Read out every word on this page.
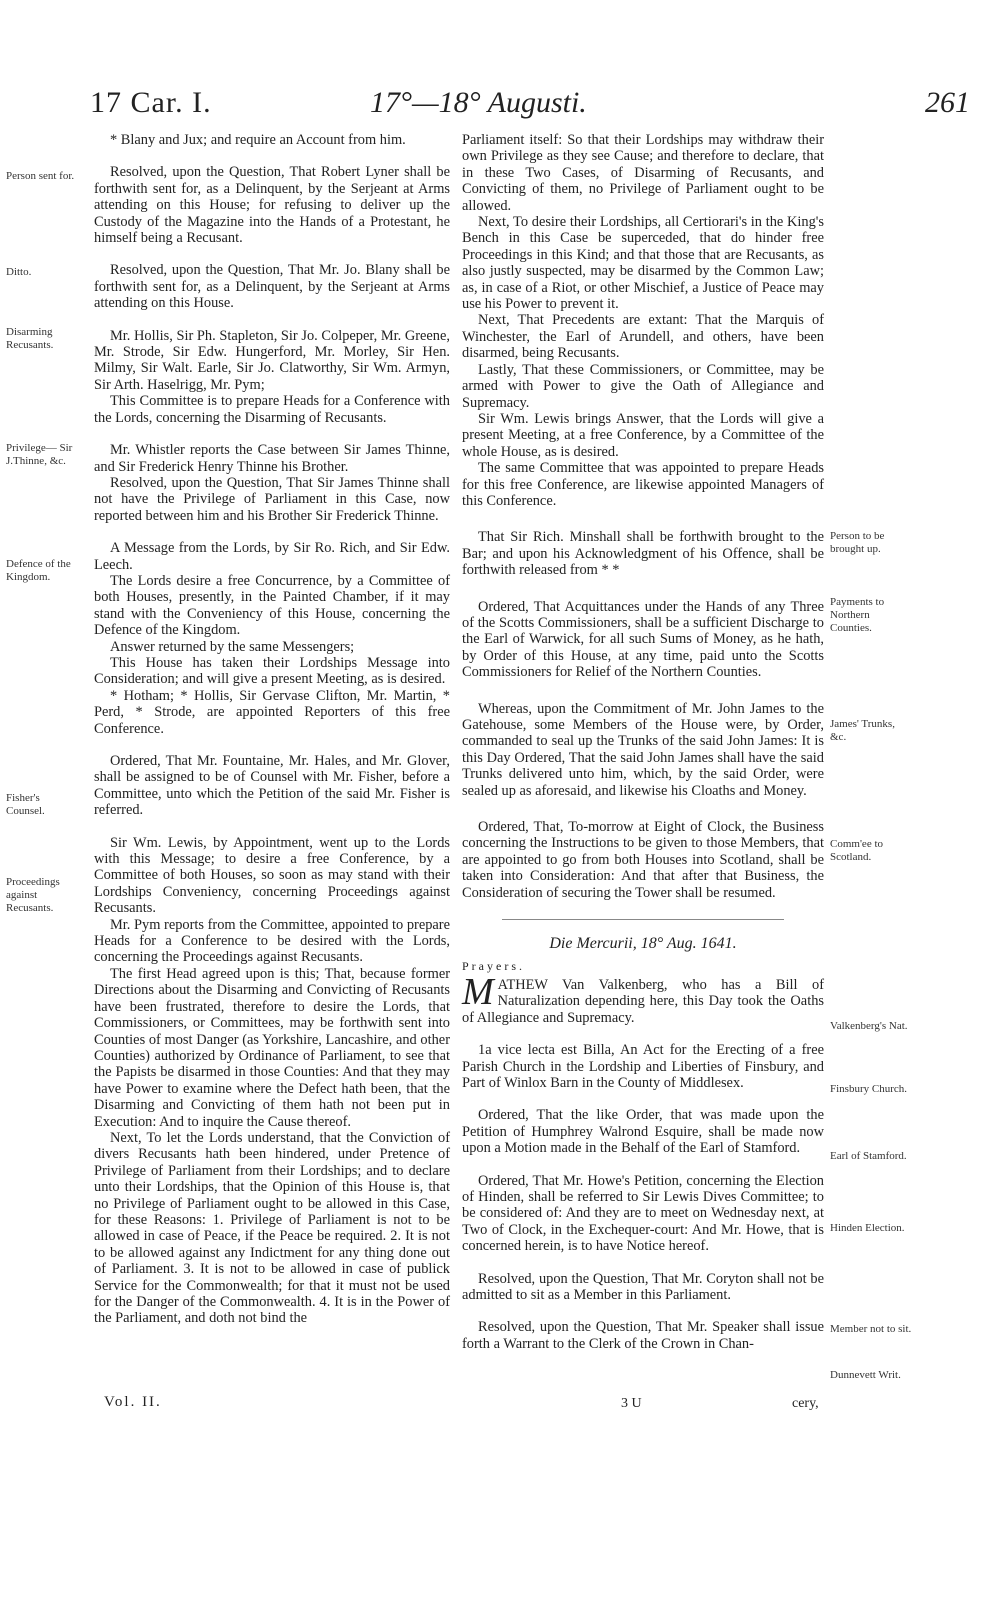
17 Car. I.	17°—18° Augusti.	261
Person sent for.
Ditto.
Disarming Recusants.
Privilege— Sir J.Thinne, &c.
Defence of the Kingdom.
Fisher's Counsel.
Proceedings against Recusants.
Person to be brought up.
Payments to Northern Counties.
James' Trunks, &c.
Comm'ee to Scotland.
Valkenberg's Nat.
Finsbury Church.
Earl of Stamford.
Hinden Election.
Member not to sit.
Dunnevett Writ.

* Blany and Jux; and require an Account from him.

Resolved, upon the Question, That Robert Lyner shall be forthwith sent for, as a Delinquent, by the Serjeant at Arms attending on this House; for refusing to deliver up the Custody of the Magazine into the Hands of a Protestant, he himself being a Recusant.

Resolved, upon the Question, That Mr. Jo. Blany shall be forthwith sent for, as a Delinquent, by the Serjeant at Arms attending on this House.

Mr. Hollis, Sir Ph. Stapleton, Sir Jo. Colpeper, Mr. Greene, Mr. Strode, Sir Edw. Hungerford, Mr. Morley, Sir Hen. Milmy, Sir Walt. Earle, Sir Jo. Clatworthy, Sir Wm. Armyn, Sir Arth. Haselrigg, Mr. Pym;

This Committee is to prepare Heads for a Conference with the Lords, concerning the Disarming of Recusants.

Mr. Whistler reports the Case between Sir James Thinne, and Sir Frederick Henry Thinne his Brother.

Resolved, upon the Question, That Sir James Thinne shall not have the Privilege of Parliament in this Case, now reported between him and his Brother Sir Frederick Thinne.

A Message from the Lords, by Sir Ro. Rich, and Sir Edw. Leech.

The Lords desire a free Concurrence, by a Committee of both Houses, presently, in the Painted Chamber, if it may stand with the Conveniency of this House, concerning the Defence of the Kingdom.

Answer returned by the same Messengers;

This House has taken their Lordships Message into Consideration; and will give a present Meeting, as is desired.

* Hotham; * Hollis, Sir Gervase Clifton, Mr. Martin, * Perd, * Strode, are appointed Reporters of this free Conference.

Ordered, That Mr. Fountaine, Mr. Hales, and Mr. Glover, shall be assigned to be of Counsel with Mr. Fisher, before a Committee, unto which the Petition of the said Mr. Fisher is referred.

Sir Wm. Lewis, by Appointment, went up to the Lords with this Message; to desire a free Conference, by a Committee of both Houses, so soon as may stand with their Lordships Conveniency, concerning Proceedings against Recusants.

Mr. Pym reports from the Committee, appointed to prepare Heads for a Conference to be desired with the Lords, concerning the Proceedings against Recusants.

The first Head agreed upon is this; That, because former Directions about the Disarming and Convicting of Recusants have been frustrated, therefore to desire the Lords, that Commissioners, or Committees, may be forthwith sent into Counties of most Danger (as Yorkshire, Lancashire, and other Counties) authorized by Ordinance of Parliament, to see that the Papists be disarmed in those Counties: And that they may have Power to examine where the Defect hath been, that the Disarming and Convicting of them hath not been put in Execution: And to inquire the Cause thereof.

Next, To let the Lords understand, that the Conviction of divers Recusants hath been hindered, under Pretence of Privilege of Parliament from their Lordships; and to declare unto their Lordships, that the Opinion of this House is, that no Privilege of Parliament ought to be allowed in this Case, for these Reasons: 1. Privilege of Parliament is not to be allowed in case of Peace, if the Peace be required. 2. It is not to be allowed against any Indictment for any thing done out of Parliament. 3. It is not to be allowed in case of publick Service for the Commonwealth; for that it must not be used for the Danger of the Commonwealth. 4. It is in the Power of the Parliament, and doth not bind the

Parliament itself: So that their Lordships may withdraw their own Privilege as they see Cause; and therefore to declare, that in these Two Cases, of Disarming of Recusants, and Convicting of them, no Privilege of Parliament ought to be allowed.

Next, To desire their Lordships, all Certiorari's in the King's Bench in this Case be superceded, that do hinder free Proceedings in this Kind; and that those that are Recusants, as also justly suspected, may be disarmed by the Common Law; as, in case of a Riot, or other Mischief, a Justice of Peace may use his Power to prevent it.

Next, That Precedents are extant: That the Marquis of Winchester, the Earl of Arundell, and others, have been disarmed, being Recusants.

Lastly, That these Commissioners, or Committee, may be armed with Power to give the Oath of Allegiance and Supremacy.

Sir Wm. Lewis brings Answer, that the Lords will give a present Meeting, at a free Conference, by a Committee of the whole House, as is desired.

The same Committee that was appointed to prepare Heads for this free Conference, are likewise appointed Managers of this Conference.

That Sir Rich. Minshall shall be forthwith brought to the Bar; and upon his Acknowledgment of his Offence, shall be forthwith released from * *

Ordered, That Acquittances under the Hands of any Three of the Scotts Commissioners, shall be a sufficient Discharge to the Earl of Warwick, for all such Sums of Money, as he hath, by Order of this House, at any time, paid unto the Scotts Commissioners for Relief of the Northern Counties.

Whereas, upon the Commitment of Mr. John James to the Gatehouse, some Members of the House were, by Order, commanded to seal up the Trunks of the said John James: It is this Day Ordered, That the said John James shall have the said Trunks delivered unto him, which, by the said Order, were sealed up as aforesaid, and likewise his Cloaths and Money.

Ordered, That, To-morrow at Eight of Clock, the Business concerning the Instructions to be given to those Members, that are appointed to go from both Houses into Scotland, shall be taken into Consideration: And that after that Business, the Consideration of securing the Tower shall be resumed.

Die Mercurii, 18° Aug. 1641.
Prayers.

MATHEW Van Valkenberg, who has a Bill of Naturalization depending here, this Day took the Oaths of Allegiance and Supremacy.

1a vice lecta est Billa, An Act for the Erecting of a free Parish Church in the Lordship and Liberties of Finsbury, and Part of Winlox Barn in the County of Middlesex.

Ordered, That the like Order, that was made upon the Petition of Humphrey Walrond Esquire, shall be made now upon a Motion made in the Behalf of the Earl of Stamford.

Ordered, That Mr. Howe's Petition, concerning the Election of Hinden, shall be referred to Sir Lewis Dives Committee; to be considered of: And they are to meet on Wednesday next, at Two of Clock, in the Exchequer-court: And Mr. Howe, that is concerned herein, is to have Notice hereof.

Resolved, upon the Question, That Mr. Coryton shall not be admitted to sit as a Member in this Parliament.

Resolved, upon the Question, That Mr. Speaker shall issue forth a Warrant to the Clerk of the Crown in Chan-

Vol. II.	3 U	cery,
